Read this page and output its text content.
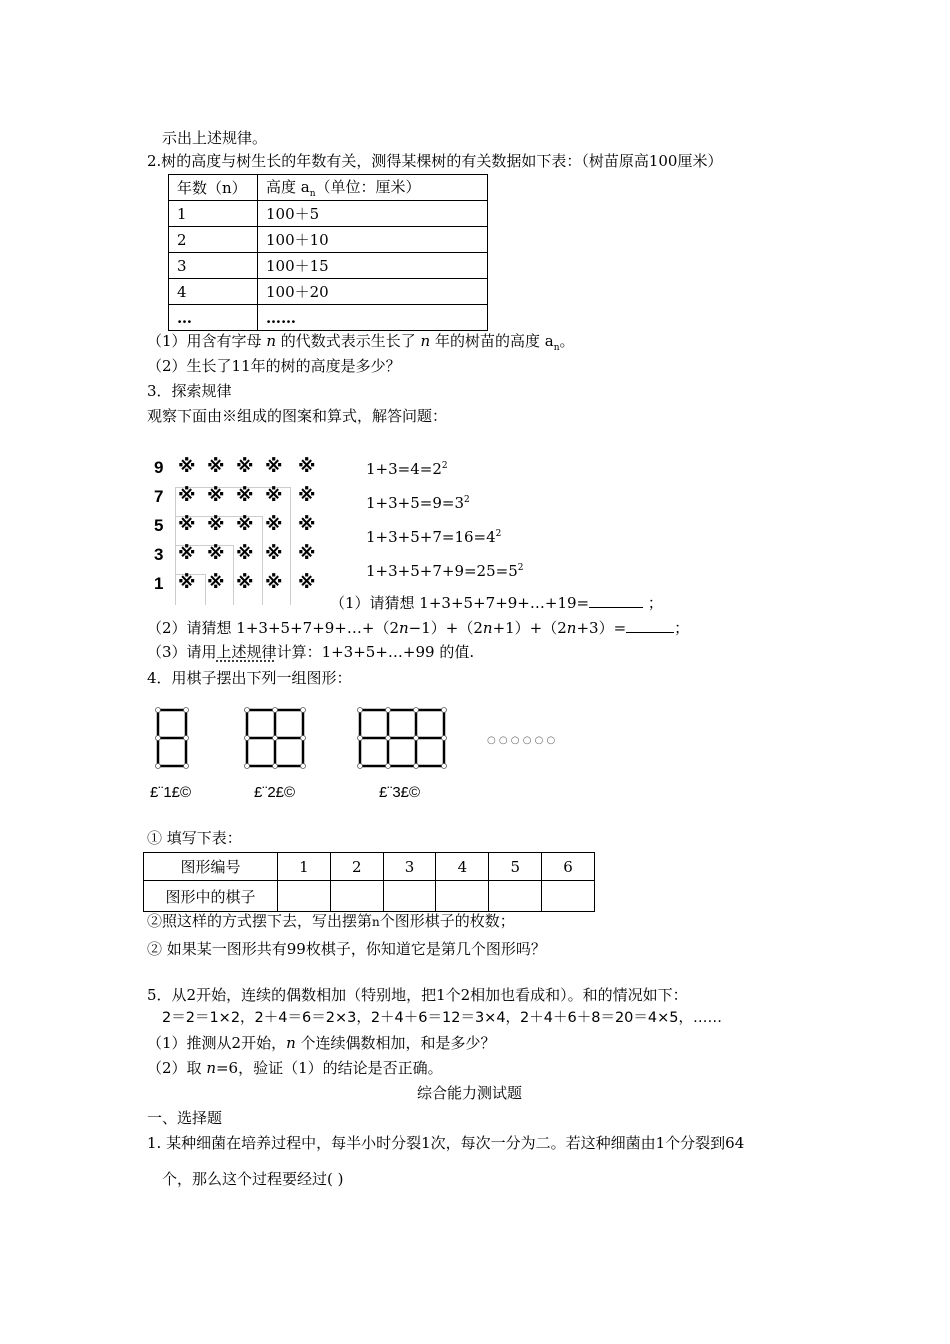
示出上述规律。
2.树的高度与树生长的年数有关，测得某棵树的有关数据如下表：（树苗原高100厘米）
年数（n）	高度 $a_n$（单位：厘米）
1	100＋5
2	100＋10
3	100＋15
4	100＋20
…	……
（1）用含有字母 n 的代数式表示生长了 n 年的树苗的高度 $a_n$。
（2）生长了11年的树的高度是多少？
3．探索规律
观察下面由※组成的图案和算式，解答问题：
9 ※ ※ ※ ※ ※
7 ※ ※ ※ ※ ※
5 ※ ※ ※ ※ ※
3 ※ ※ ※ ※ ※
1 ※ ※ ※ ※ ※
$1+3=4=2^2$
$1+3+5=9=3^2$
$1+3+5+7=16=4^2$
$1+3+5+7+9=25=5^2$
（1）请猜想 1+3+5+7+9+…+19=	；
（2）请猜想 1+3+5+7+9+…+（2n−1）+（2n+1）+（2n+3）=	；
（3）请用上述规律计算：1+3+5+…+99 的值.
4．用棋子摆出下列一组图形：
○ ○ ○ ○ ○ ○
£¨1£©	£¨2£©	£¨3£©
① 填写下表：
图形编号	1	2	3	4	5	6
图形中的棋子						
②照这样的方式摆下去，写出摆第n个图形棋子的枚数；
② 如果某一图形共有99枚棋子，你知道它是第几个图形吗？
5．从2开始，连续的偶数相加（特别地，把1个2相加也看成和）。和的情况如下：
2＝2＝1×2，2＋4＝6＝2×3，2＋4＋6＝12＝3×4，2＋4＋6＋8＝20＝4×5，……
（1）推测从2开始，n 个连续偶数相加，和是多少？
（2）取 n=6，验证（1）的结论是否正确。
综合能力测试题
一、选择题
1. 某种细菌在培养过程中，每半小时分裂1次，每次一分为二。若这种细菌由1个分裂到64
个，那么这个过程要经过( )
